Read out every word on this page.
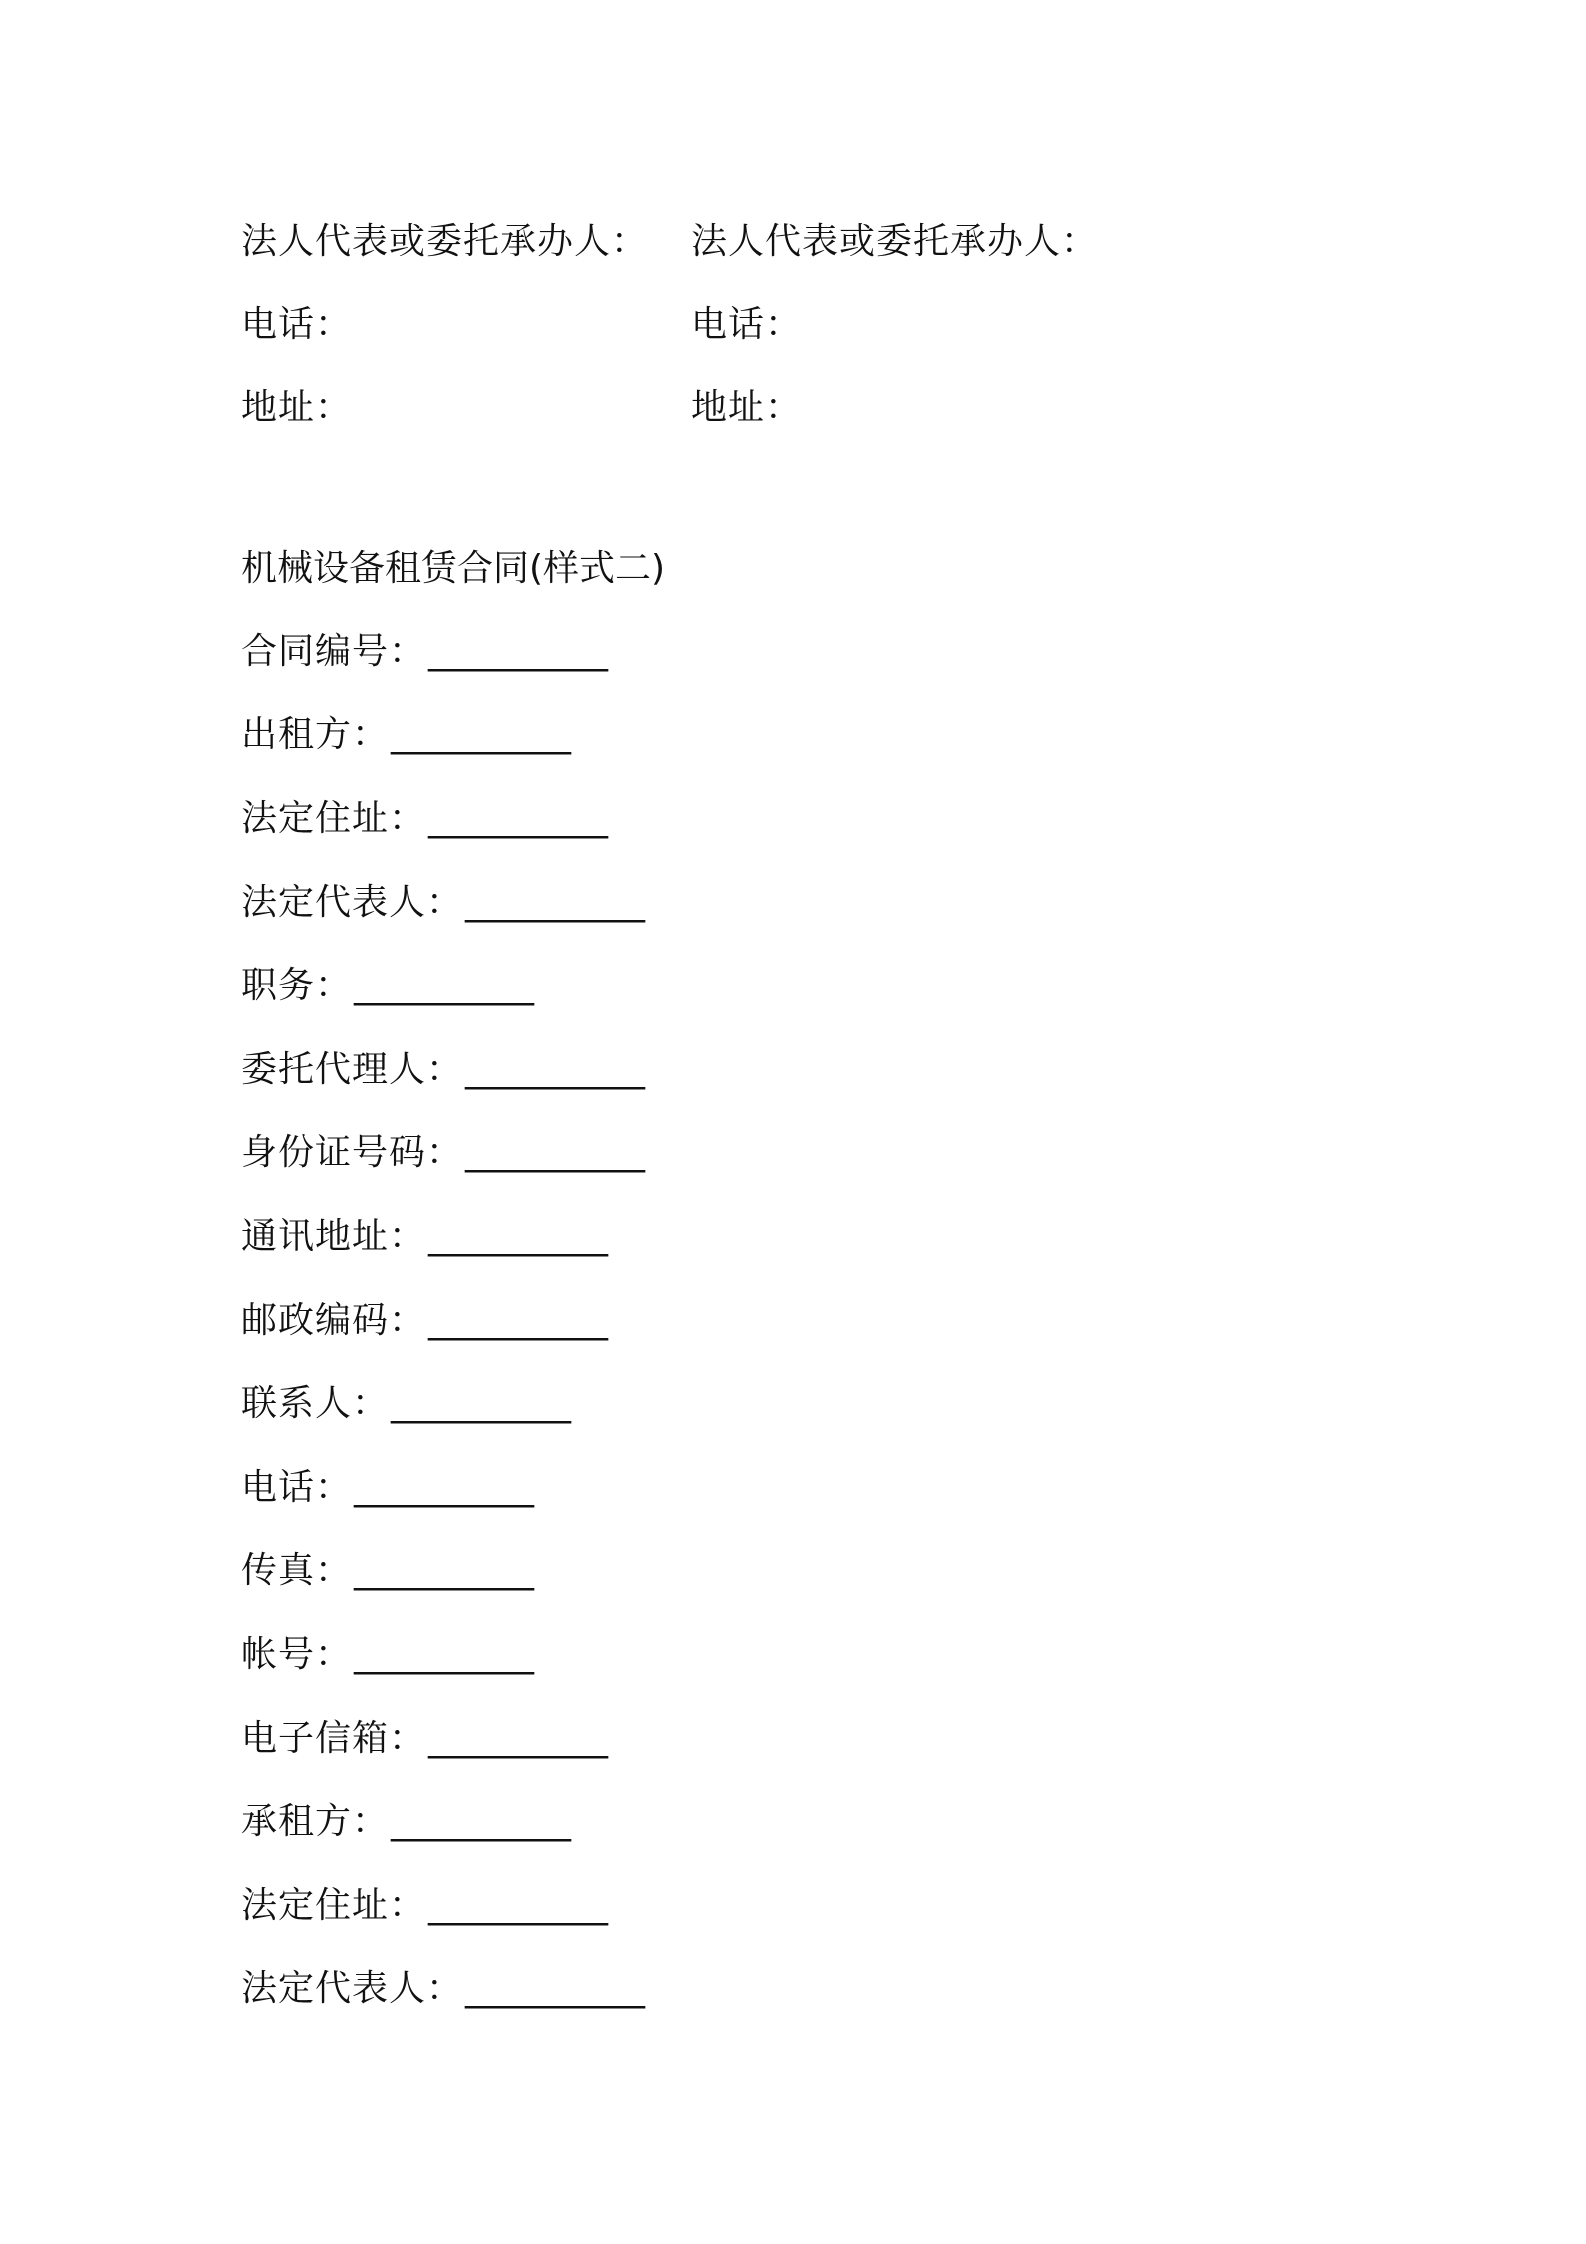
法人代表或委托承办人：	法人代表或委托承办人：
电话：	电话：
地址：	地址：
机械设备租赁合同(样式二)
合同编号： __________
出租方： __________
法定住址： __________
法定代表人： __________
职务： __________
委托代理人： __________
身份证号码： __________
通讯地址： __________
邮政编码： __________
联系人： __________
电话： __________
传真： __________
帐号： __________
电子信箱： __________
承租方： __________
法定住址： __________
法定代表人： __________
